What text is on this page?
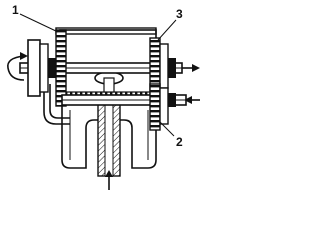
1	3
2
